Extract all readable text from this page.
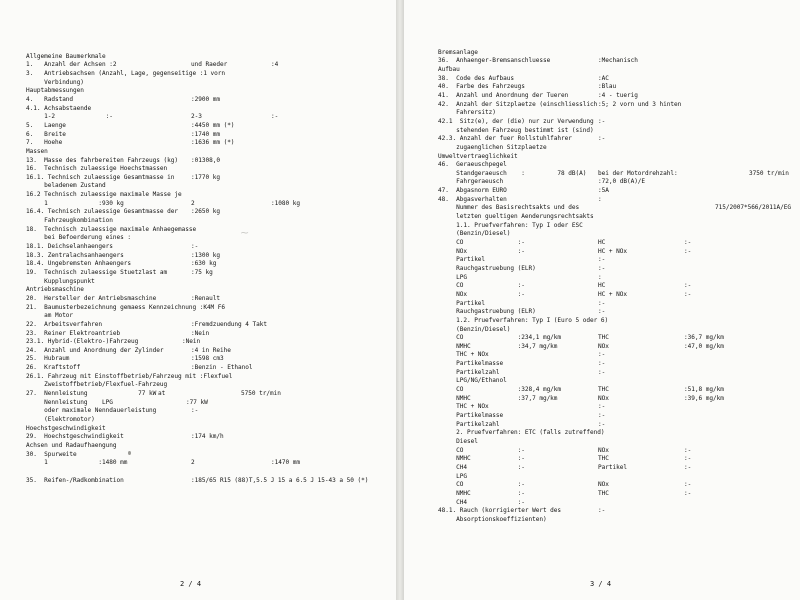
Allgemeine Baumerkmale
1.   Anzahl der Achsen :2	und Raeder	:4
3.   Antriebsachsen (Anzahl, Lage, gegenseitige :1 vorn
Verbindung)
Hauptabmessungen
4.   Radstand	:2900 mm
4.1. Achsabstaende
1-2              :-	2-3	:-
5.   Laenge	:4450 mm (*)
6.   Breite	:1740 mm
7.   Hoehe	:1636 mm (*)
Massen
13.  Masse des fahrbereiten Fahrzeugs (kg) :01308,0
16.  Technisch zulaessige Hoechstmassen
16.1. Technisch zulaessige Gesamtmasse in	:1770 kg
beladenem Zustand
16.2 Technisch zulaessige maximale Masse je
1              :930 kg	2	:1080 kg
16.4. Technisch zulaessige Gesamtmasse der :2650 kg
Fahrzeugkombination
18.  Technisch zulaessige maximale Anhaegemasse
bei Befoerderung eines :
18.1. Deichselanhaengers	:-
18.3. Zentralachsanhaengers	:1300 kg
18.4. Ungebremsten Anhaengers	:630 kg
19.  Technisch zulaessige Stuetzlast am	:75 kg
Kupplungspunkt
Antriebsmaschine
20.  Hersteller der Antriebsmaschine	:Renault
21.  Baumusterbezeichnung gemaess Kennzeichnung :K4M F6
am Motor
22.  Arbeitsverfahren	:Fremdzuendung 4 Takt
23.  Reiner Elektroantrieb	:Nein
23.1. Hybrid-(Elektro-)Fahrzeug	:Nein
24.  Anzahl und Anordnung der Zylinder	:4 in Reihe
25.  Hubraum	:1598 cm3
26.  Kraftstoff	:Benzin - Ethanol
26.1. Fahrzeug mit Einstoffbetrieb/Fahrzeug mit :Flexfuel
Zweistoffbetrieb/Flexfuel-Fahrzeug
27.  Nennleistung              77 kW at	5750 tr/min
Nennleistung    LPG	:77 kW
oder maximale Nenndauerleistung	:-
(Elektromotor)
Hoechstgeschwindigkeit
29.  Hoechstgeschwindigkeit	:174 km/h
Achsen und Radaufhaengung
30.  Spurweite
1              :1480 mm	2	:1470 mm
35.  Reifen-/Radkombination	:185/65 R15 (88)T,5.5 J 15 a 6.5 J 15-43 a 50 (*)
2 / 4
~
Bremsanlage
36.  Anhaenger-Bremsanschluesse	:Mechanisch
Aufbau
38.  Code des Aufbaus	:AC
40.  Farbe des Fahrzeugs	:Blau
41.  Anzahl und Anordnung der Tueren	:4 - tuerig
42.  Anzahl der Sitzplaetze (einschliesslich :5; 2 vorn und 3 hinten
Fahrersitz)
42.1  Sitz(e), der (die) nur zur Verwendung :-
stehenden Fahrzeug bestimmt ist (sind)
42.3. Anzahl der fuer Rollstuhlfahrer	:-
zugaenglichen Sitzplaetze
Umweltvertraeglichkeit
46.  Geraeuschpegel
Standgeraeusch    :         78 dB(A) bei der Motordrehzahl :	3750 tr/min
Fahrgeraeusch	:72,0 dB(A)/E
47.  Abgasnorm EURO	:5A
48.  Abgasverhalten	:
Nummer des Basisrechtsakts und des	715/2007*566/2011A/EG
letzten gueltigen Aenderungsrechtsakts
1.1. Pruefverfahren: Typ I oder ESC
(Benzin/Diesel)
CO               :-	HC	:-
NOx              :-	HC + NOx	:-
Partikel	:-
Rauchgastruebung (ELR)	:-
LPG	:
CO               :-	HC	:-
NOx              :-	HC + NOx	:-
Partikel	:-
Rauchgastruebung (ELR)	:-
1.2. Pruefverfahren: Typ I (Euro 5 oder 6)
(Benzin/Diesel)
CO               :234,1 mg/km	THC	:36,7 mg/km
NMHC             :34,7 mg/km	NOx	:47,0 mg/km
THC + NOx	:-
Partikelmasse	:-
Partikelzahl	:-
LPG/NG/Ethanol
CO               :328,4 mg/km	THC	:51,8 mg/km
NMHC             :37,7 mg/km	NOx	:39,6 mg/km
THC + NOx	:-
Partikelmasse	:-
Partikelzahl	:-
2. Pruefverfahren: ETC (falls zutreffend)
Diesel
CO               :-	NOx	:-
NMHC             :-	THC	:-
CH4              :-	Partikel	:-
LPG
CO               :-	NOx	:-
NMHC             :-	THC	:-
CH4              :-
48.1. Rauch (korrigierter Wert des	:-
Absorptionskoeffizienten)
3 / 4
